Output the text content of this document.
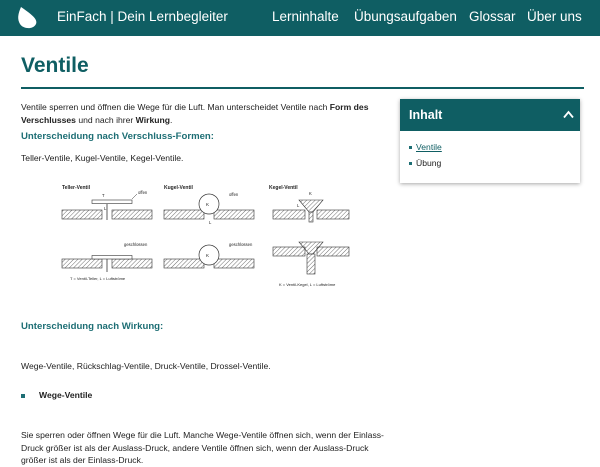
EinFach | Dein Lernbegleiter	Lerninhalte Übungsaufgaben Glossar Über uns
Ventile

Ventile sperren und öffnen die Wege für die Luft. Man unterscheidet Ventile nach Form des Verschlusses und nach ihrer Wirkung.

Unterscheidung nach Verschluss-Formen:
Teller-Ventile, Kugel-Ventile, Kegel-Ventile.
Teller-Ventil	Kugel-Ventil	Kegel-Ventil
offen
T
L
geschlossen
T = Ventil-Teller, L = Luftströme
K
offen
L
K
geschlossen
K
L
K = Ventil-Kegel, L = Luftströme
Unterscheidung nach Wirkung:
Wege-Ventile, Rückschlag-Ventile, Druck-Ventile, Drossel-Ventile.
Wege-Ventile

Sie sperren oder öffnen Wege für die Luft. Manche Wege-Ventile öffnen sich, wenn der Einlass-Druck größer ist als der Auslass-Druck, andere Ventile öffnen sich, wenn der Auslass-Druck größer ist als der Einlass-Druck.

Inhalt
Ventile
Übung
